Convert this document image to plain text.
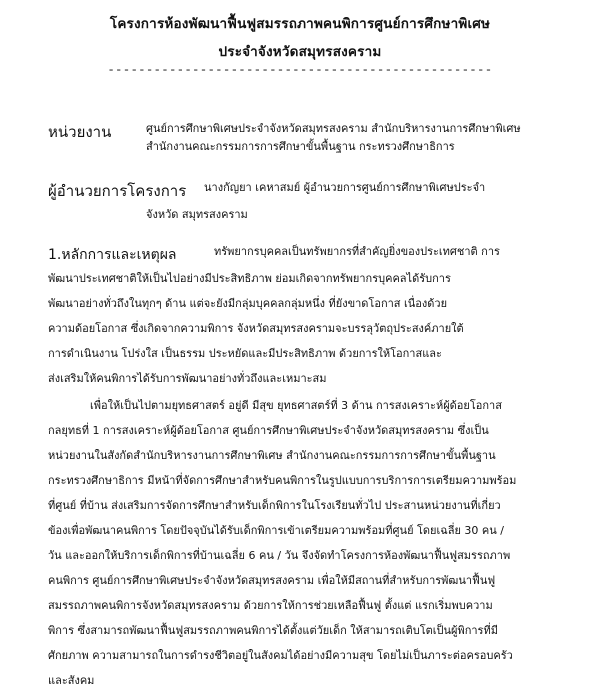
โครงการห้องพัฒนาฟื้นฟูสมรรถภาพคนพิการศูนย์การศึกษาพิเศษ
ประจำจังหวัดสมุทรสงคราม
--------------------------------------------------
หน่วยงาน	ศูนย์การศึกษาพิเศษประจำจังหวัดสมุทรสงคราม สำนักบริหารงานการศึกษาพิเศษ
สำนักงานคณะกรรมการการศึกษาขั้นพื้นฐาน กระทรวงศึกษาธิการ
ผู้อำนวยการโครงการ นางกัญยา เคหาสมย์ ผู้อำนวยการศูนย์การศึกษาพิเศษประจำ
จังหวัด สมุทรสงคราม
1.หลักการและเหตุผล	ทรัพยากรบุคคลเป็นทรัพยากรที่สำคัญยิ่งของประเทศชาติ การ
พัฒนาประเทศชาติให้เป็นไปอย่างมีประสิทธิภาพ ย่อมเกิดจากทรัพยากรบุคคลได้รับการ
พัฒนาอย่างทั่วถึงในทุกๆ ด้าน แต่จะยังมีกลุ่มบุคคลกลุ่มหนึ่ง ที่ยังขาดโอกาส เนื่องด้วย
ความด้อยโอกาส ซึ่งเกิดจากความพิการ จังหวัดสมุทรสงครามจะบรรลุวัตถุประสงค์ภายใต้
การดำเนินงาน โปร่งใส เป็นธรรม ประหยัดและมีประสิทธิภาพ ด้วยการให้โอกาสและ
ส่งเสริมให้คนพิการได้รับการพัฒนาอย่างทั่วถึงและเหมาะสม
เพื่อให้เป็นไปตามยุทธศาสตร์ อยู่ดี มีสุข ยุทธศาสตร์ที่ 3 ด้าน การสงเคราะห์ผู้ด้อยโอกาส
กลยุทธที่ 1 การสงเคราะห์ผู้ด้อยโอกาส ศูนย์การศึกษาพิเศษประจำจังหวัดสมุทรสงคราม ซึ่งเป็น
หน่วยงานในสังกัดสำนักบริหารงานการศึกษาพิเศษ สำนักงานคณะกรรมการการศึกษาขั้นพื้นฐาน
กระทรวงศึกษาธิการ มีหน้าที่จัดการศึกษาสำหรับคนพิการในรูปแบบการบริการการเตรียมความพร้อม
ที่ศูนย์ ที่บ้าน ส่งเสริมการจัดการศึกษาสำหรับเด็กพิการในโรงเรียนทั่วไป ประสานหน่วยงานที่เกี่ยว
ข้องเพื่อพัฒนาคนพิการ โดยปัจจุบันได้รับเด็กพิการเข้าเตรียมความพร้อมที่ศูนย์ โดยเฉลี่ย 30 คน /
วัน และออกให้บริการเด็กพิการที่บ้านเฉลี่ย 6 คน / วัน จึงจัดทำโครงการห้องพัฒนาฟื้นฟูสมรรถภาพ
คนพิการ ศูนย์การศึกษาพิเศษประจำจังหวัดสมุทรสงคราม เพื่อให้มีสถานที่สำหรับการพัฒนาฟื้นฟู
สมรรถภาพคนพิการจังหวัดสมุทรสงคราม ด้วยการให้การช่วยเหลือฟื้นฟู ตั้งแต่ แรกเริ่มพบความ
พิการ ซึ่งสามารถพัฒนาฟื้นฟูสมรรถภาพคนพิการได้ตั้งแต่วัยเด็ก ให้สามารถเติบโตเป็นผู้พิการที่มี
ศักยภาพ ความสามารถในการดำรงชีวิตอยู่ในสังคมได้อย่างมีความสุข โดยไม่เป็นภาระต่อครอบครัว
และสังคม
